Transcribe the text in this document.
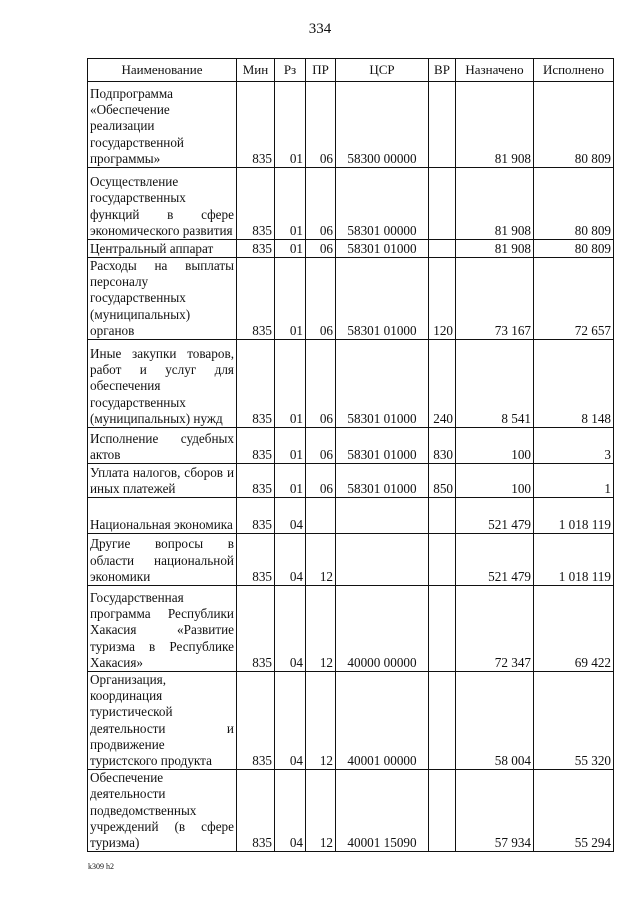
334
Наименование	Мин	Рз	ПР	ЦСР	ВР	Назначено	Исполнено
Подпрограмма «Обеспечение реализации государственной программы»	835	01	06	58300 00000		81 908	80 809
Осуществление государственных функций в сфере экономического развития	835	01	06	58301 00000		81 908	80 809
Центральный аппарат	835	01	06	58301 01000		81 908	80 809
Расходы на выплаты персоналу государственных (муниципальных) органов	835	01	06	58301 01000	120	73 167	72 657
Иные закупки товаров, работ и услуг для обеспечения государственных (муниципальных) нужд	835	01	06	58301 01000	240	8 541	8 148
Исполнение судебных актов	835	01	06	58301 01000	830	100	3
Уплата налогов, сборов и иных платежей	835	01	06	58301 01000	850	100	1
Национальная экономика	835	04				521 479	1 018 119
Другие вопросы в области национальной экономики	835	04	12			521 479	1 018 119
Государственная программа Республики Хакасия «Развитие туризма в Республике Хакасия»	835	04	12	40000 00000		72 347	69 422
Организация, координация туристической деятельности и продвижение туристского продукта	835	04	12	40001 00000		58 004	55 320
Обеспечение деятельности подведомственных учреждений (в сфере туризма)	835	04	12	40001 15090		57 934	55 294
k309 h2
